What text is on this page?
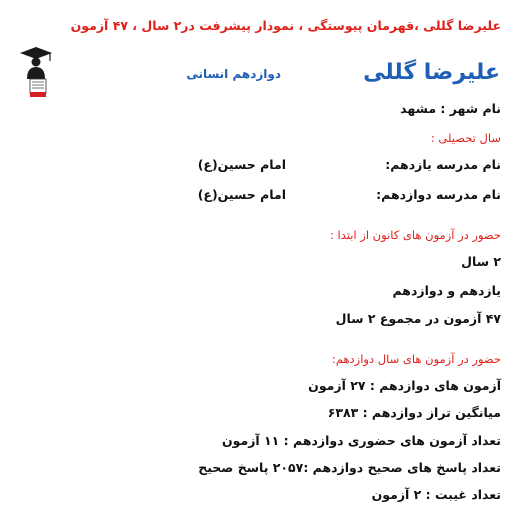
علیرضا گللی ،قهرمان پیوستگی ، نمودار پیشرفت در۲ سال ، ۴۷ آزمون
علیرضا گللی
دوازدهم انسانی
نام شهر : مشهد
سال تحصیلی :
نام مدرسه یازدهم:
امام حسین(ع)
نام مدرسه دوازدهم:
امام حسین(ع)
حضور در آزمون های کانون از ابتدا :
۲ سال
یازدهم و دوازدهم
۴۷ آزمون در مجموع ۲ سال
حضور در آزمون های سال دوازدهم:
آزمون های دوازدهم : ۲۷ آزمون
میانگین تراز دوازدهم : ۶۳۸۳
تعداد آزمون های حضوری دوازدهم : ۱۱ آزمون
تعداد پاسخ های صحیح دوازدهم :۲۰۵۷ پاسخ صحیح
تعداد غیبت : ۲ آزمون
